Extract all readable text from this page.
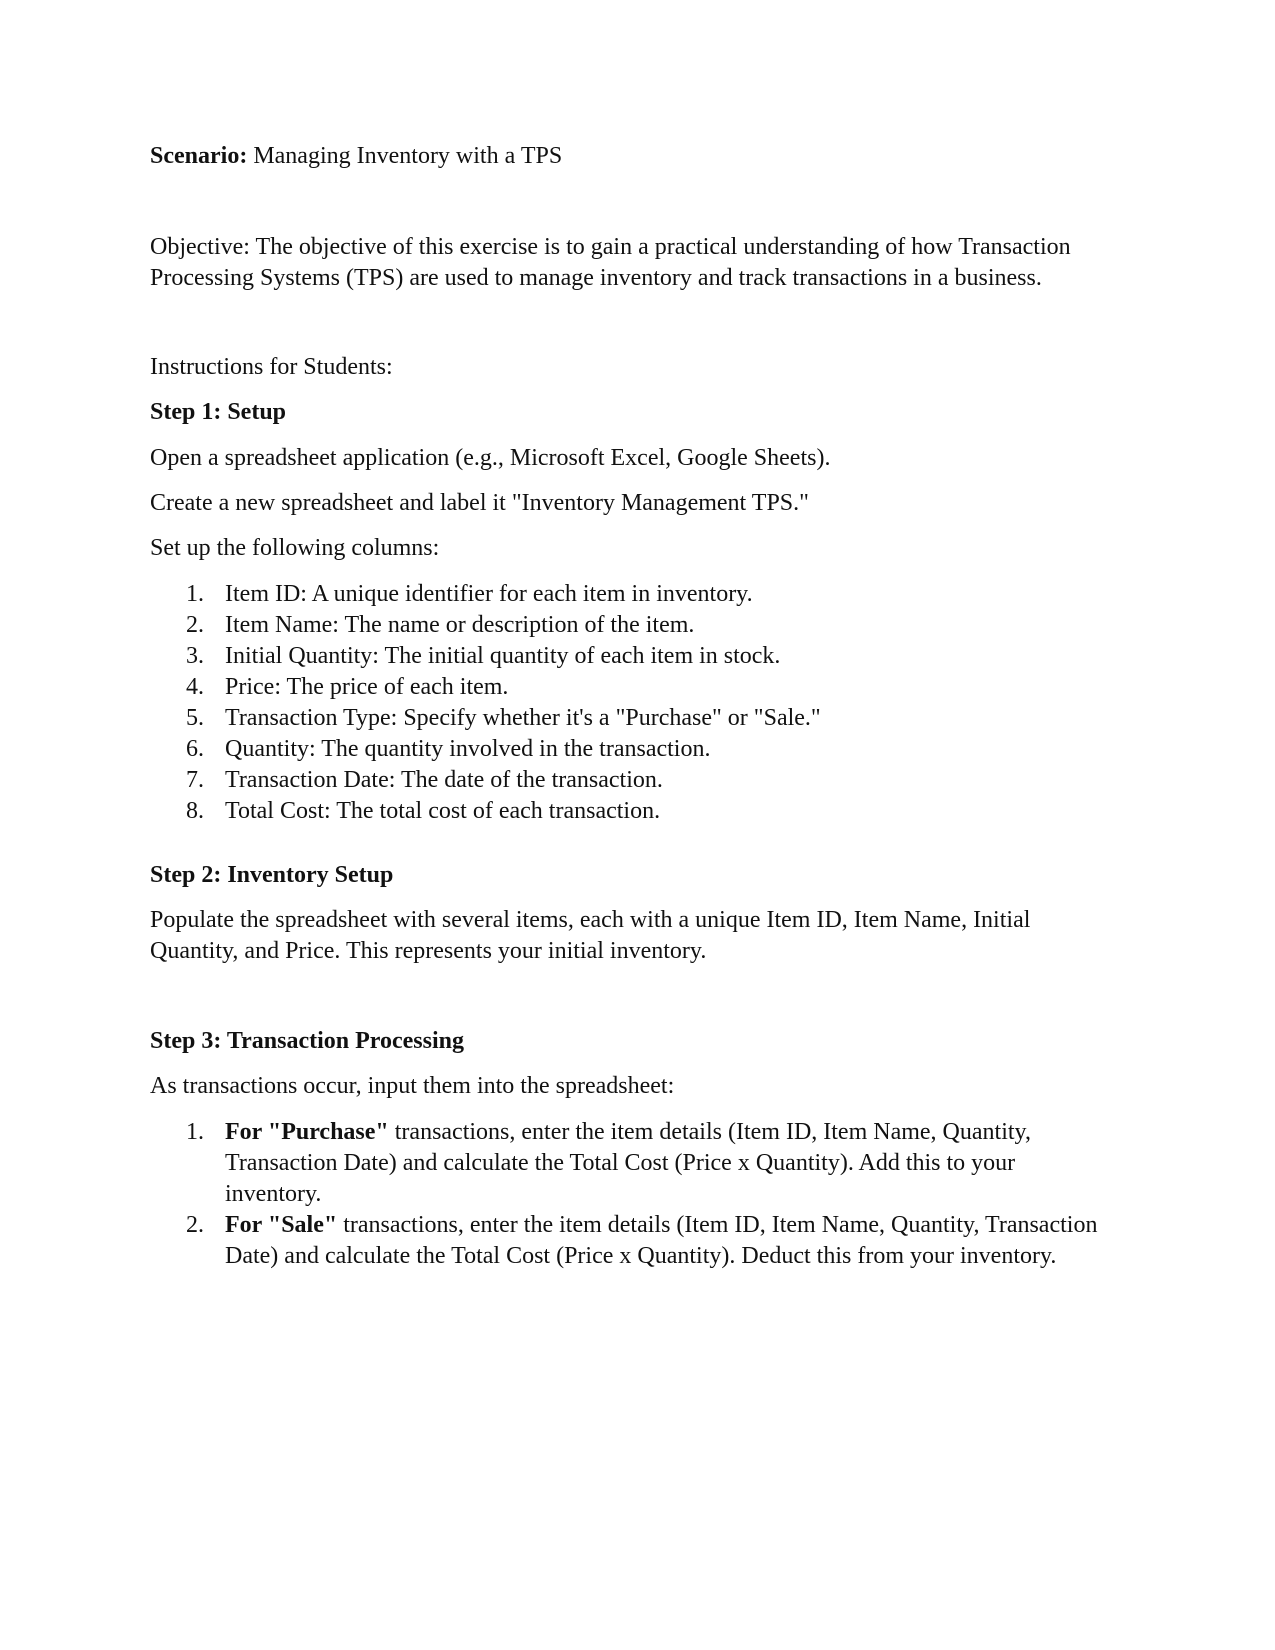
Scenario: Managing Inventory with a TPS

Objective: The objective of this exercise is to gain a practical understanding of how Transaction Processing Systems (TPS) are used to manage inventory and track transactions in a business.

Instructions for Students:

Step 1: Setup

Open a spreadsheet application (e.g., Microsoft Excel, Google Sheets).

Create a new spreadsheet and label it "Inventory Management TPS."

Set up the following columns:

1. Item ID: A unique identifier for each item in inventory.
2. Item Name: The name or description of the item.
3. Initial Quantity: The initial quantity of each item in stock.
4. Price: The price of each item.
5. Transaction Type: Specify whether it's a "Purchase" or "Sale."
6. Quantity: The quantity involved in the transaction.
7. Transaction Date: The date of the transaction.
8. Total Cost: The total cost of each transaction.

Step 2: Inventory Setup

Populate the spreadsheet with several items, each with a unique Item ID, Item Name, Initial Quantity, and Price. This represents your initial inventory.

Step 3: Transaction Processing

As transactions occur, input them into the spreadsheet:

1. For "Purchase" transactions, enter the item details (Item ID, Item Name, Quantity, Transaction Date) and calculate the Total Cost (Price x Quantity). Add this to your inventory.
2. For "Sale" transactions, enter the item details (Item ID, Item Name, Quantity, Transaction Date) and calculate the Total Cost (Price x Quantity). Deduct this from your inventory.
